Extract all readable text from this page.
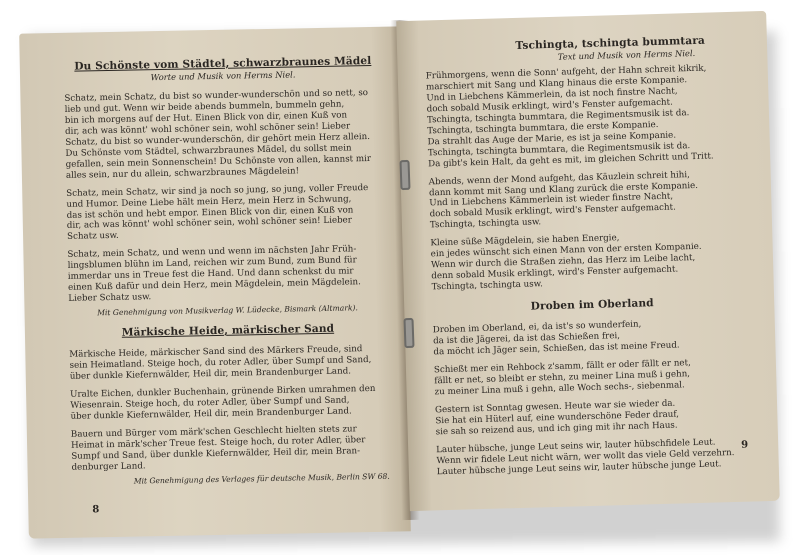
Du Schönste vom Städtel, schwarzbraunes Mädel

Worte und Musik von Herms Niel.

Schatz, mein Schatz, du bist so wunder-wunderschön und so nett, so
lieb und gut. Wenn wir beide abends bummeln, bummeln gehn,
bin ich morgens auf der Hut. Einen Blick von dir, einen Kuß von
dir, ach was könnt' wohl schöner sein, wohl schöner sein! Lieber
Schatz, du bist so wunder-wunderschön, dir gehört mein Herz allein.
Du Schönste vom Städtel, schwarzbraunes Mädel, du sollst mein
gefallen, sein mein Sonnenschein! Du Schönste von allen, kannst mir
alles sein, nur du allein, schwarzbraunes Mägdelein!

Schatz, mein Schatz, wir sind ja noch so jung, so jung, voller Freude
und Humor. Deine Liebe hält mein Herz, mein Herz in Schwung,
das ist schön und hebt empor. Einen Blick von dir, einen Kuß von
dir, ach was könnt' wohl schöner sein, wohl schöner sein! Lieber
Schatz usw.

Schatz, mein Schatz, und wenn und wenn im nächsten Jahr Früh-
lingsblumen blühn im Land, reichen wir zum Bund, zum Bund für
immerdar uns in Treue fest die Hand. Und dann schenkst du mir
einen Kuß dafür und dein Herz, mein Mägdelein, mein Mägdelein.
Lieber Schatz usw.

Mit Genehmigung von Musikverlag W. Lüdecke, Bismark (Altmark).

Märkische Heide, märkischer Sand

Märkische Heide, märkischer Sand sind des Märkers Freude, sind
sein Heimatland. Steige hoch, du roter Adler, über Sumpf und Sand,
über dunkle Kiefernwälder, Heil dir, mein Brandenburger Land.

Uralte Eichen, dunkler Buchenhain, grünende Birken umrahmen den
Wiesenrain. Steige hoch, du roter Adler, über Sumpf und Sand,
über dunkle Kiefernwälder, Heil dir, mein Brandenburger Land.

Bauern und Bürger vom märk'schen Geschlecht hielten stets zur
Heimat in märk'scher Treue fest. Steige hoch, du roter Adler, über
Sumpf und Sand, über dunkle Kiefernwälder, Heil dir, mein Bran-
denburger Land.

Mit Genehmigung des Verlages für deutsche Musik, Berlin SW 68.

8

Tschingta, tschingta bummtara

Text und Musik von Herms Niel.

Frühmorgens, wenn die Sonn' aufgeht, der Hahn schreit kikrik,
marschiert mit Sang und Klang hinaus die erste Kompanie.
Und in Liebchens Kämmerlein, da ist noch finstre Nacht,
doch sobald Musik erklingt, wird's Fenster aufgemacht.
Tschingta, tschingta bummtara, die Regimentsmusik ist da.
Tschingta, tschingta bummtara, die erste Kompanie.
Da strahlt das Auge der Marie, es ist ja seine Kompanie.
Tschingta, tschingta bummtara, die Regimentsmusik ist da.
Da gibt's kein Halt, da geht es mit, im gleichen Schritt und Tritt.

Abends, wenn der Mond aufgeht, das Käuzlein schreit hihi,
dann kommt mit Sang und Klang zurück die erste Kompanie.
Und in Liebchens Kämmerlein ist wieder finstre Nacht,
doch sobald Musik erklingt, wird's Fenster aufgemacht.
Tschingta, tschingta usw.

Kleine süße Mägdelein, sie haben Energie,
ein jedes wünscht sich einen Mann von der ersten Kompanie.
Wenn wir durch die Straßen ziehn, das Herz im Leibe lacht,
denn sobald Musik erklingt, wird's Fenster aufgemacht.
Tschingta, tschingta usw.

Droben im Oberland

Droben im Oberland, ei, da ist's so wunderfein,
da ist die Jägerei, da ist das Schießen frei,
da möcht ich Jäger sein, Schießen, das ist meine Freud.

Schießt mer ein Rehbock z'samm, fällt er oder fällt er net,
fällt er net, so bleibt er stehn, zu meiner Lina muß i gehn,
zu meiner Lina muß i gehn, alle Woch sechs-, siebenmal.

Gestern ist Sonntag gwesen. Heute war sie wieder da.
Sie hat ein Hüterl auf, eine wunderschöne Feder drauf,
sie sah so reizend aus, und ich ging mit ihr nach Haus.

Lauter hübsche, junge Leut seins wir, lauter hübschfidele Leut.
Wenn wir fidele Leut nicht wärn, wer wollt das viele Geld verzehrn.
Lauter hübsche junge Leut seins wir, lauter hübsche junge Leut.

9
